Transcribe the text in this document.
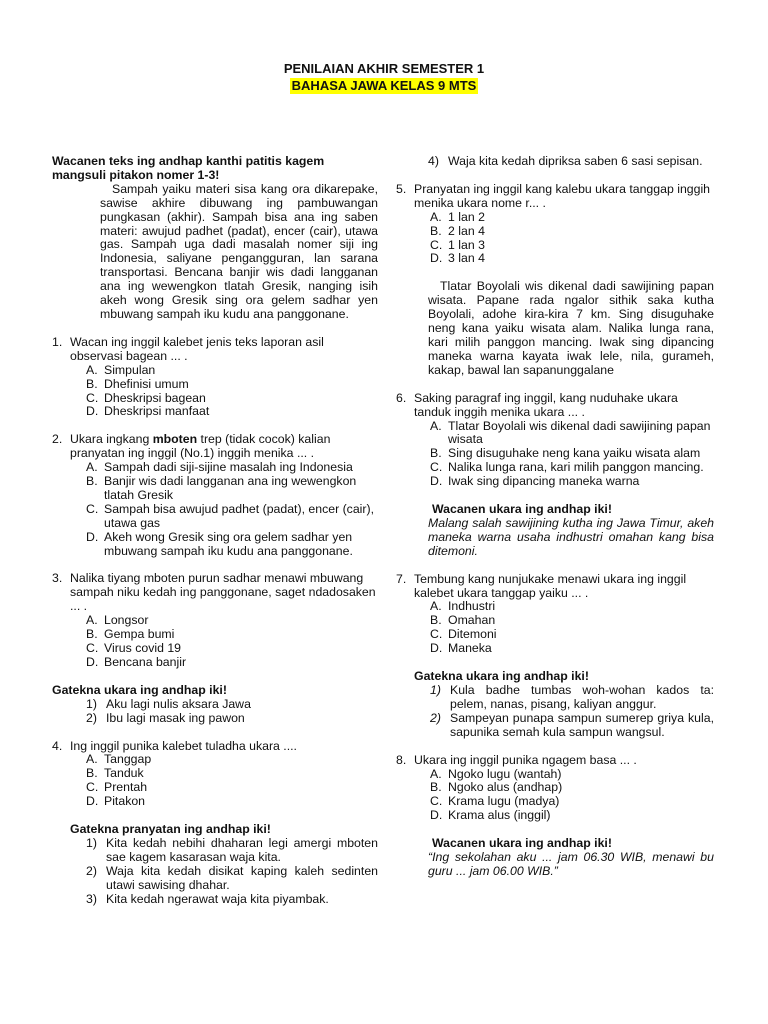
PENILAIAN AKHIR SEMESTER 1
BAHASA JAWA KELAS 9 MTS
Wacanen teks ing andhap kanthi patitis kagem mangsuli pitakon nomer 1-3!
Sampah yaiku materi sisa kang ora dikarepake, sawise akhire dibuwang ing pambuwangan pungkasan (akhir). Sampah bisa ana ing saben materi: awujud padhet (padat), encer (cair), utawa gas. Sampah uga dadi masalah nomer siji ing Indonesia, saliyane pengangguran, lan sarana transportasi. Bencana banjir wis dadi langganan ana ing wewengkon tlatah Gresik, nanging isih akeh wong Gresik sing ora gelem sadhar yen mbuwang sampah iku kudu ana panggonane.
1. Wacan ing inggil kalebet jenis teks laporan asil observasi bagean ... .
A. Simpulan
B. Dhefinisi umum
C. Dheskripsi bagean
D. Dheskripsi manfaat
2. Ukara ingkang mboten trep (tidak cocok) kalian pranyatan ing inggil (No.1) inggih menika ... .
A. Sampah dadi siji-sijine masalah ing Indonesia
B. Banjir wis dadi langganan ana ing wewengkon tlatah Gresik
C. Sampah bisa awujud padhet (padat), encer (cair), utawa gas
D. Akeh wong Gresik sing ora gelem sadhar yen mbuwang sampah iku kudu ana panggonane.
3. Nalika tiyang mboten purun sadhar menawi mbuwang sampah niku kedah ing panggonane, saget ndadosaken ... .
A. Longsor
B. Gempa bumi
C. Virus covid 19
D. Bencana banjir
Gatekna ukara ing andhap iki!
1) Aku lagi nulis aksara Jawa
2) Ibu lagi masak ing pawon
4. Ing inggil punika kalebet tuladha ukara ....
A. Tanggap
B. Tanduk
C. Prentah
D. Pitakon
Gatekna pranyatan ing andhap iki!
1) Kita kedah nebihi dhaharan legi amergi mboten sae kagem kasarasan waja kita.
2) Waja kita kedah disikat kaping kaleh sedinten utawi sawising dhahar.
3) Kita kedah ngerawat waja kita piyambak.
4) Waja kita kedah dipriksa saben 6 sasi sepisan.
5. Pranyatan ing inggil kang kalebu ukara tanggap inggih menika ukara nome r... .
A. 1 lan 2
B. 2 lan 4
C. 1 lan 3
D. 3 lan 4
Tlatar Boyolali wis dikenal dadi sawijining papan wisata. Papane rada ngalor sithik saka kutha Boyolali, adohe kira-kira 7 km. Sing disuguhake neng kana yaiku wisata alam. Nalika lunga rana, kari milih panggon mancing. Iwak sing dipancing maneka warna kayata iwak lele, nila, gurameh, kakap, bawal lan sapanunggalane
6. Saking paragraf ing inggil, kang nuduhake ukara tanduk inggih menika ukara ... .
A. Tlatar Boyolali wis dikenal dadi sawijining papan wisata
B. Sing disuguhake neng kana yaiku wisata alam
C. Nalika lunga rana, kari milih panggon mancing.
D. Iwak sing dipancing maneka warna
Wacanen ukara ing andhap iki!
Malang salah sawijining kutha ing Jawa Timur, akeh maneka warna usaha indhustri omahan kang bisa ditemoni.
7. Tembung kang nunjukake menawi ukara ing inggil kalebet ukara tanggap yaiku ... .
A. Indhustri
B. Omahan
C. Ditemoni
D. Maneka
Gatekna ukara ing andhap iki!
1) Kula badhe tumbas woh-wohan kados ta: pelem, nanas, pisang, kaliyan anggur.
2) Sampeyan punapa sampun sumerep griya kula, sapunika semah kula sampun wangsul.
8. Ukara ing inggil punika ngagem basa ... .
A. Ngoko lugu (wantah)
B. Ngoko alus (andhap)
C. Krama lugu (madya)
D. Krama alus (inggil)
Wacanen ukara ing andhap iki!
“Ing sekolahan aku ... jam 06.30 WIB, menawi bu guru ... jam 06.00 WIB.”
